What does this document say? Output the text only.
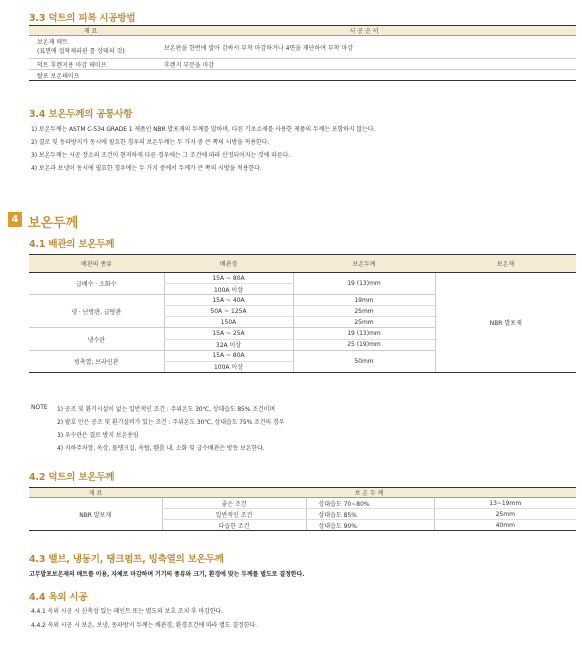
3.3 덕트의 피복 시공방법
재 료	시 공 순 서

보온재 매트
(표면에 접착제리핀 를 상태의 것)	보온판을 한번에 말아 감싸서 부착 마감하거나 4면을 재단하여 부착 마감
덕트 후렌지용 마감 테이프	후렌지 부분을 마감
탈포 보온테이프	
3.4 보온두께의 공통사항
1) 보온두께는 ASTM C-534 GRADE 1 제품인 NBR 발포재의 두께를 말하며, 다른 기초소재를 사용한 제품의 두께는 포함하지 않는다.
2) 결로 및 동파방지가 동시에 필요한 경우의 보온두께는 두 가지 중 큰 쪽의 시방을 적용한다.
3) 보온두께는 시공 장소의 조건이 현저하게 다른 경우에는 그 조건에 따라 산정되어지는 것에 따른다.
4) 보온과 보냉이 동시에 필요한 경우에는 두 가지 중에서 두께가 큰 쪽의 시방을 적용한다.
4 보온두께
4.1 배관의 보온두께
배관의 종류	배관경	보온두께	보온재
급배수 · 소화수	15A ~ 80A	19 (13)mm	NBR 발포재
	100A 이상		
냉 · 난방관, 급탕관	15A ~ 40A	19mm	
	50A ~ 125A	25mm	
	150A	25mm	
냉수관	15A ~ 25A	19 (13)mm	
	32A 이상	25 (19)mm	
빙축열, 브라인관	15A ~ 80A	50mm	
	100A 이상		
NOTE 1) 공조 및 환기시설이 없는 일반적인 조건 : 주위온도 30℃, 상대습도 85% 조건이며
2) 팔호 안은 공조 및 환기설비가 있는 조건 : 주위온도 30℃, 상대습도 75% 조건의 경우
3) 우수관은 결로 방지 보온용임
4) 지하주차장, 옥상, 물탱크실, 옥탑, 휀룸 내, 소화 및 급수배관은 방동 보온한다.
4.2 덕트의 보온두께
재 료	보 온 두 께		
NBR 발포재	좋은 조건	상대습도 70~80%	13~19mm
	일반적인 조건	상대습도 85%	25mm
	다습한 조건	상대습도 90%	40mm
4.3 밸브, 냉동기, 탱크펌프, 빙축열의 보온두께
고무발포보온재의 매트를 이용, 자체로 마감하며 기기의 종류와 크기, 환경에 맞는 두께를 별도로 결정한다.
4.4 옥외 시공
4.4.1 옥외 시공 시 신축성 있는 페인트 또는 별도의 보호 조치 후 마감한다.
4.4.2 옥외 시공 시 보온, 보냉, 동파방지 두께는 배관경, 환경조건에 따라 별도 결정한다.
